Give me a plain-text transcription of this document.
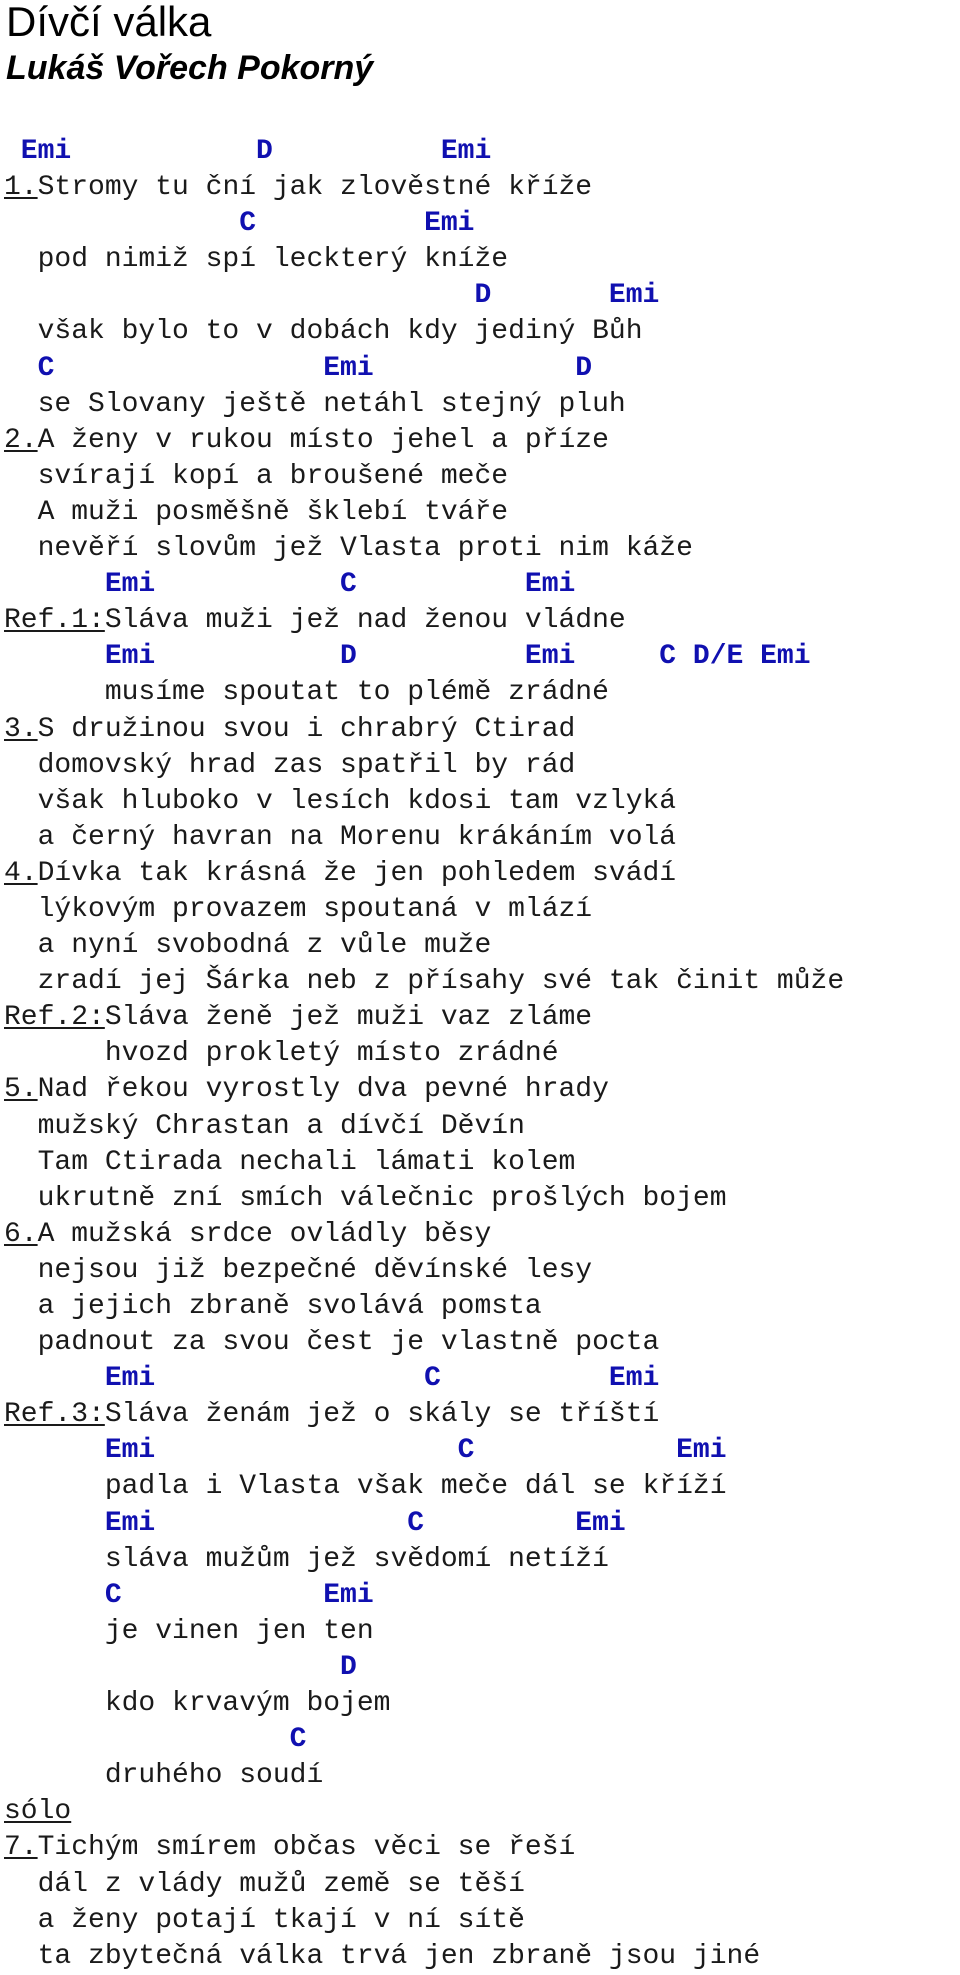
Dívčí válka
Lukáš Vořech Pokorný
Emi           D          Emi
1.Stromy tu ční jak zlověstné kříže
C          Emi
pod nimiž spí leckterý kníže
D       Emi
však bylo to v dobách kdy jediný Bůh
C                Emi            D
se Slovany ještě netáhl stejný pluh
2.A ženy v rukou místo jehel a příze
svírají kopí a broušené meče
A muži posměšně šklebí tváře
nevěří slovům jež Vlasta proti nim káže
Emi           C          Emi
Ref.1:Sláva muži jež nad ženou vládne
Emi           D          Emi     C D/E Emi
musíme spoutat to plémě zrádné
3.S družinou svou i chrabrý Ctirad
domovský hrad zas spatřil by rád
však hluboko v lesích kdosi tam vzlyká
a černý havran na Morenu krákáním volá
4.Dívka tak krásná že jen pohledem svádí
lýkovým provazem spoutaná v mlází
a nyní svobodná z vůle muže
zradí jej Šárka neb z přísahy své tak činit může
Ref.2:Sláva ženě jež muži vaz zláme
hvozd prokletý místo zrádné
5.Nad řekou vyrostly dva pevné hrady
mužský Chrastan a dívčí Děvín
Tam Ctirada nechali lámati kolem
ukrutně zní smích válečnic prošlých bojem
6.A mužská srdce ovládly běsy
nejsou již bezpečné děvínské lesy
a jejich zbraně svolává pomsta
padnout za svou čest je vlastně pocta
Emi                C          Emi
Ref.3:Sláva ženám jež o skály se tříští
Emi                  C            Emi
padla i Vlasta však meče dál se kříží
Emi               C         Emi
sláva mužům jež svědomí netíží
C            Emi
je vinen jen ten
D
kdo krvavým bojem
C
druhého soudí
sólo
7.Tichým smírem občas věci se řeší
dál z vlády mužů země se těší
a ženy potají tkají v ní sítě
ta zbytečná válka trvá jen zbraně jsou jiné
